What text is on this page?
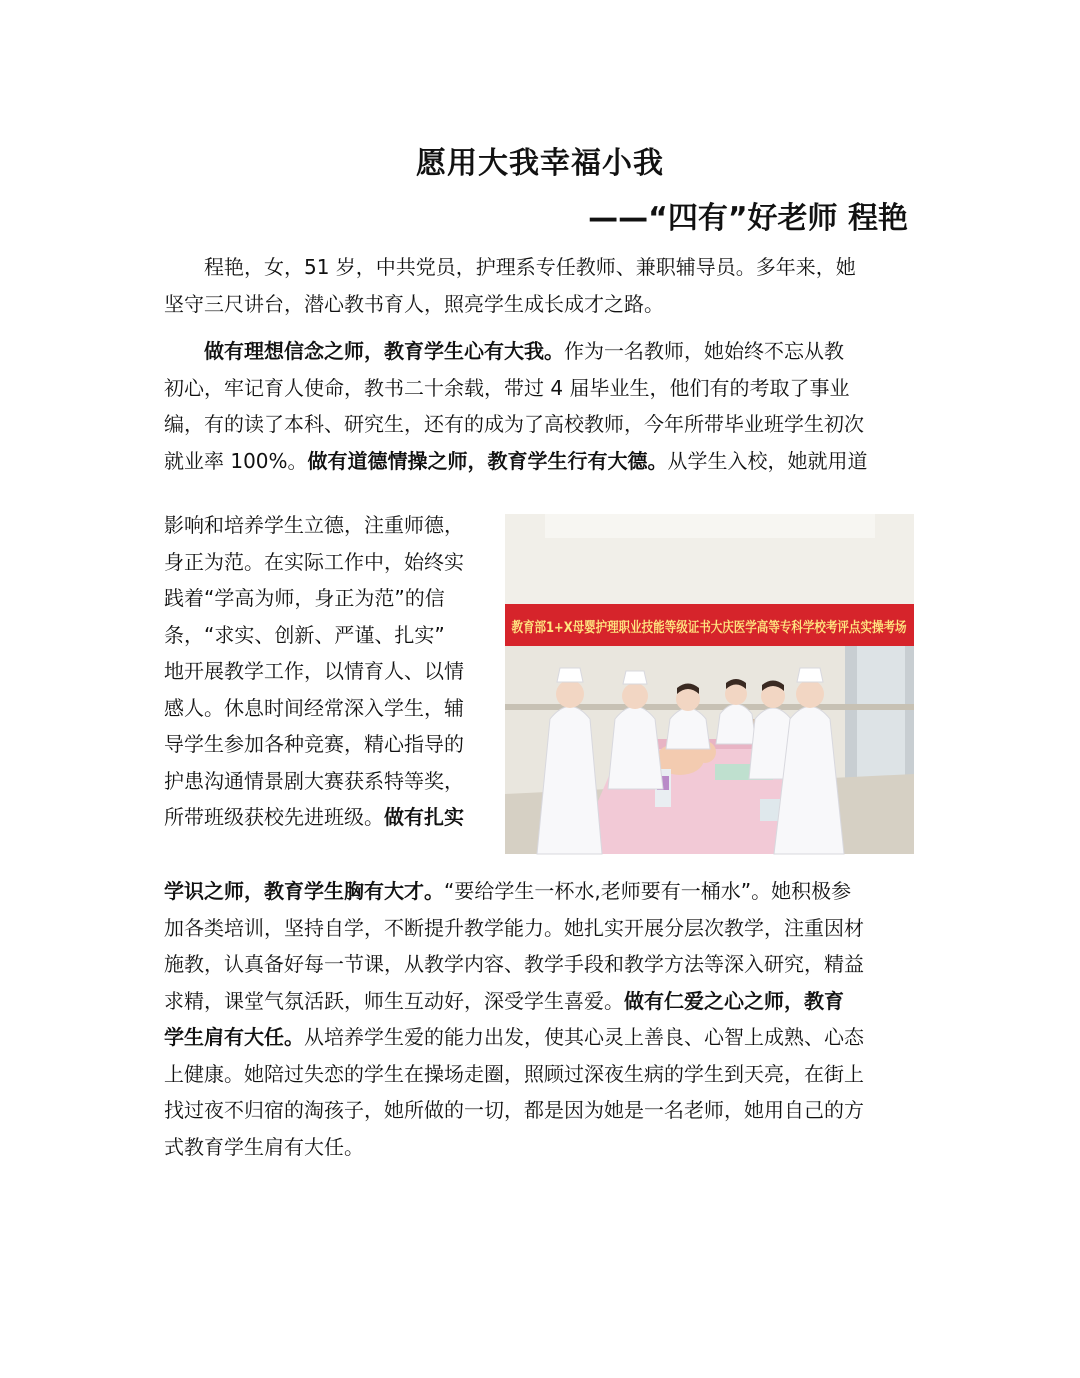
愿用大我幸福小我
——“四有”好老师 程艳
程艳，女，51 岁，中共党员，护理系专任教师、兼职辅导员。多年来，她
坚守三尺讲台，潜心教书育人，照亮学生成长成才之路。
做有理想信念之师，教育学生心有大我。作为一名教师，她始终不忘从教
初心，牢记育人使命，教书二十余载，带过 4 届毕业生，他们有的考取了事业
编，有的读了本科、研究生，还有的成为了高校教师，今年所带毕业班学生初次
就业率 100%。做有道德情操之师，教育学生行有大德。从学生入校，她就用道
影响和培养学生立德，注重师德，
身正为范。在实际工作中，始终实
践着“学高为师，身正为范”的信
条，“求实、创新、严谨、扎实”
地开展教学工作，以情育人、以情
感人。休息时间经常深入学生，辅
导学生参加各种竞赛，精心指导的
护患沟通情景剧大赛获系特等奖，
所带班级获校先进班级。做有扎实
教育部1+X母婴护理职业技能等级证书大庆医学高等专科学校考评点实操考场
学识之师，教育学生胸有大才。“要给学生一杯水,老师要有一桶水”。她积极参
加各类培训，坚持自学，不断提升教学能力。她扎实开展分层次教学，注重因材
施教，认真备好每一节课，从教学内容、教学手段和教学方法等深入研究，精益
求精，课堂气氛活跃，师生互动好，深受学生喜爱。做有仁爱之心之师，教育
学生肩有大任。从培养学生爱的能力出发，使其心灵上善良、心智上成熟、心态
上健康。她陪过失恋的学生在操场走圈，照顾过深夜生病的学生到天亮，在街上
找过夜不归宿的淘孩子，她所做的一切，都是因为她是一名老师，她用自己的方
式教育学生肩有大任。
